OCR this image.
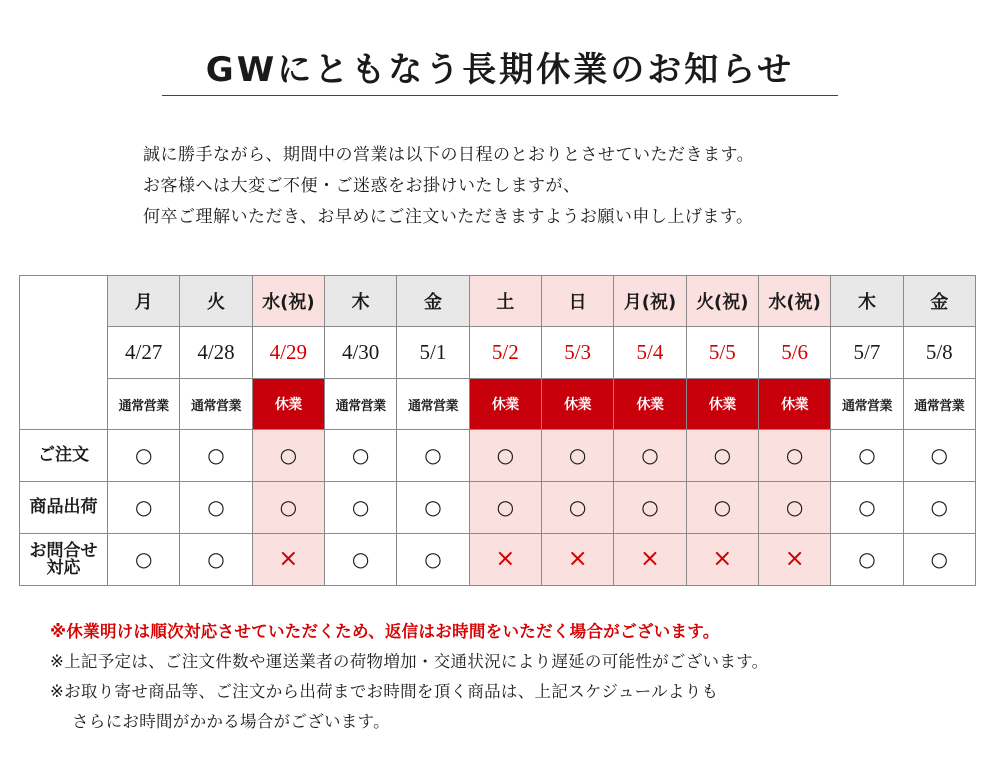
GWにともなう長期休業のお知らせ
誠に勝手ながら、期間中の営業は以下の日程のとおりとさせていただきます。
お客様へは大変ご不便・ご迷惑をお掛けいたしますが、
何卒ご理解いただき、お早めにご注文いただきますようお願い申し上げます。
	月	火	水(祝)	木	金	土	日	月(祝)	火(祝)	水(祝)	木	金
	4/27	4/28	4/29	4/30	5/1	5/2	5/3	5/4	5/5	5/6	5/7	5/8
	通常営業	通常営業	休業	通常営業	通常営業	休業	休業	休業	休業	休業	通常営業	通常営業
ご注文	○	○	○	○	○	○	○	○	○	○	○	○
商品出荷	○	○	○	○	○	○	○	○	○	○	○	○
お問合せ
対応	○	○	×	○	○	×	×	×	×	×	○	○
※休業明けは順次対応させていただくため、返信はお時間をいただく場合がございます。
※上記予定は、ご注文件数や運送業者の荷物増加・交通状況により遅延の可能性がございます。
※お取り寄せ商品等、ご注文から出荷までお時間を頂く商品は、上記スケジュールよりも
さらにお時間がかかる場合がございます。
